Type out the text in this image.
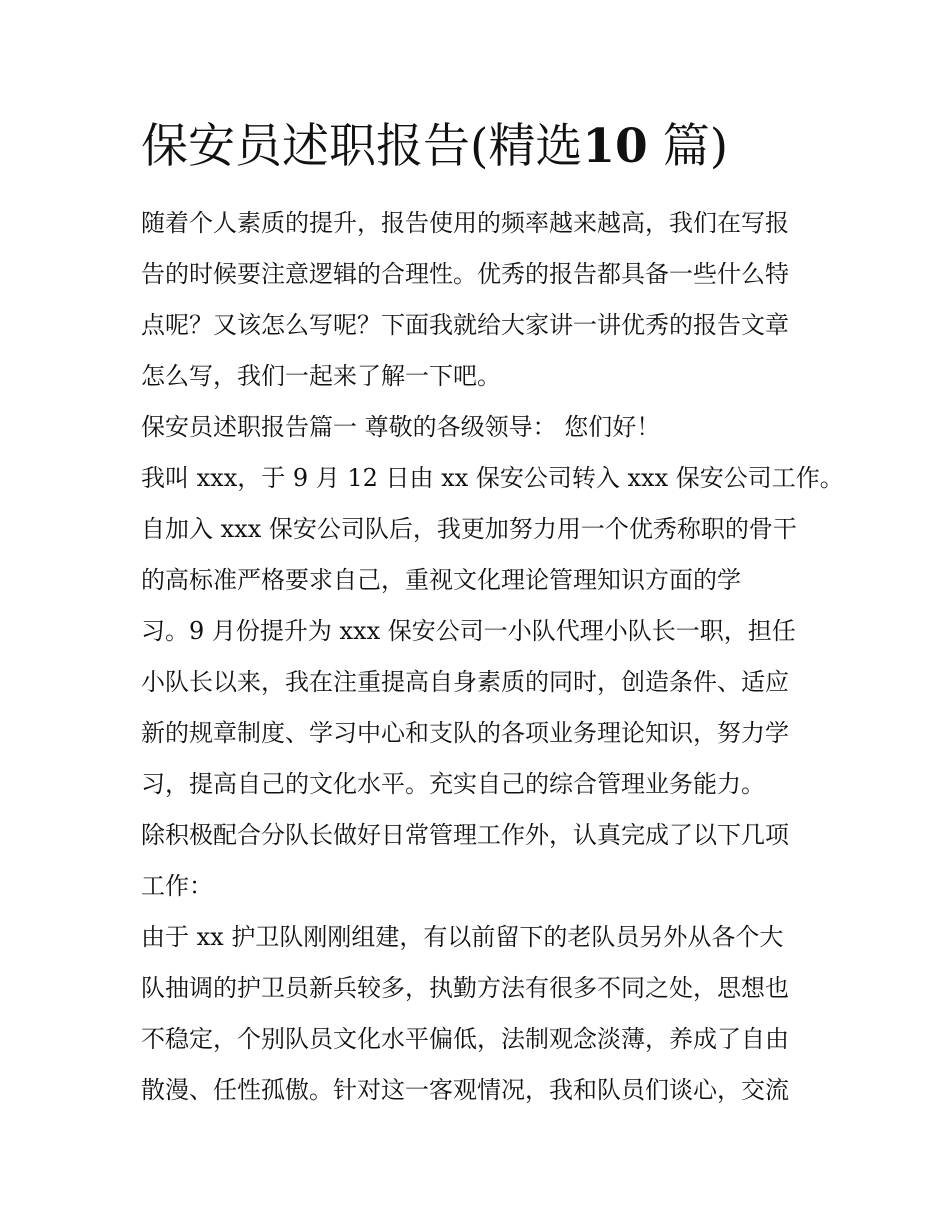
保安员述职报告(精选10 篇)
随着个人素质的提升，报告使用的频率越来越高，我们在写报
告的时候要注意逻辑的合理性。优秀的报告都具备一些什么特
点呢？又该怎么写呢？下面我就给大家讲一讲优秀的报告文章
怎么写，我们一起来了解一下吧。
保安员述职报告篇一 尊敬的各级领导： 您们好！
我叫 xxx，于 9 月 12 日由 xx 保安公司转入 xxx 保安公司工作。
自加入 xxx 保安公司队后，我更加努力用一个优秀称职的骨干
的高标准严格要求自己，重视文化理论管理知识方面的学
习。9 月份提升为 xxx 保安公司一小队代理小队长一职，担任
小队长以来，我在注重提高自身素质的同时，创造条件、适应
新的规章制度、学习中心和支队的各项业务理论知识，努力学
习，提高自己的文化水平。充实自己的综合管理业务能力。
除积极配合分队长做好日常管理工作外，认真完成了以下几项
工作：
由于 xx 护卫队刚刚组建，有以前留下的老队员另外从各个大
队抽调的护卫员新兵较多，执勤方法有很多不同之处，思想也
不稳定，个别队员文化水平偏低，法制观念淡薄，养成了自由
散漫、任性孤傲。针对这一客观情况，我和队员们谈心，交流
